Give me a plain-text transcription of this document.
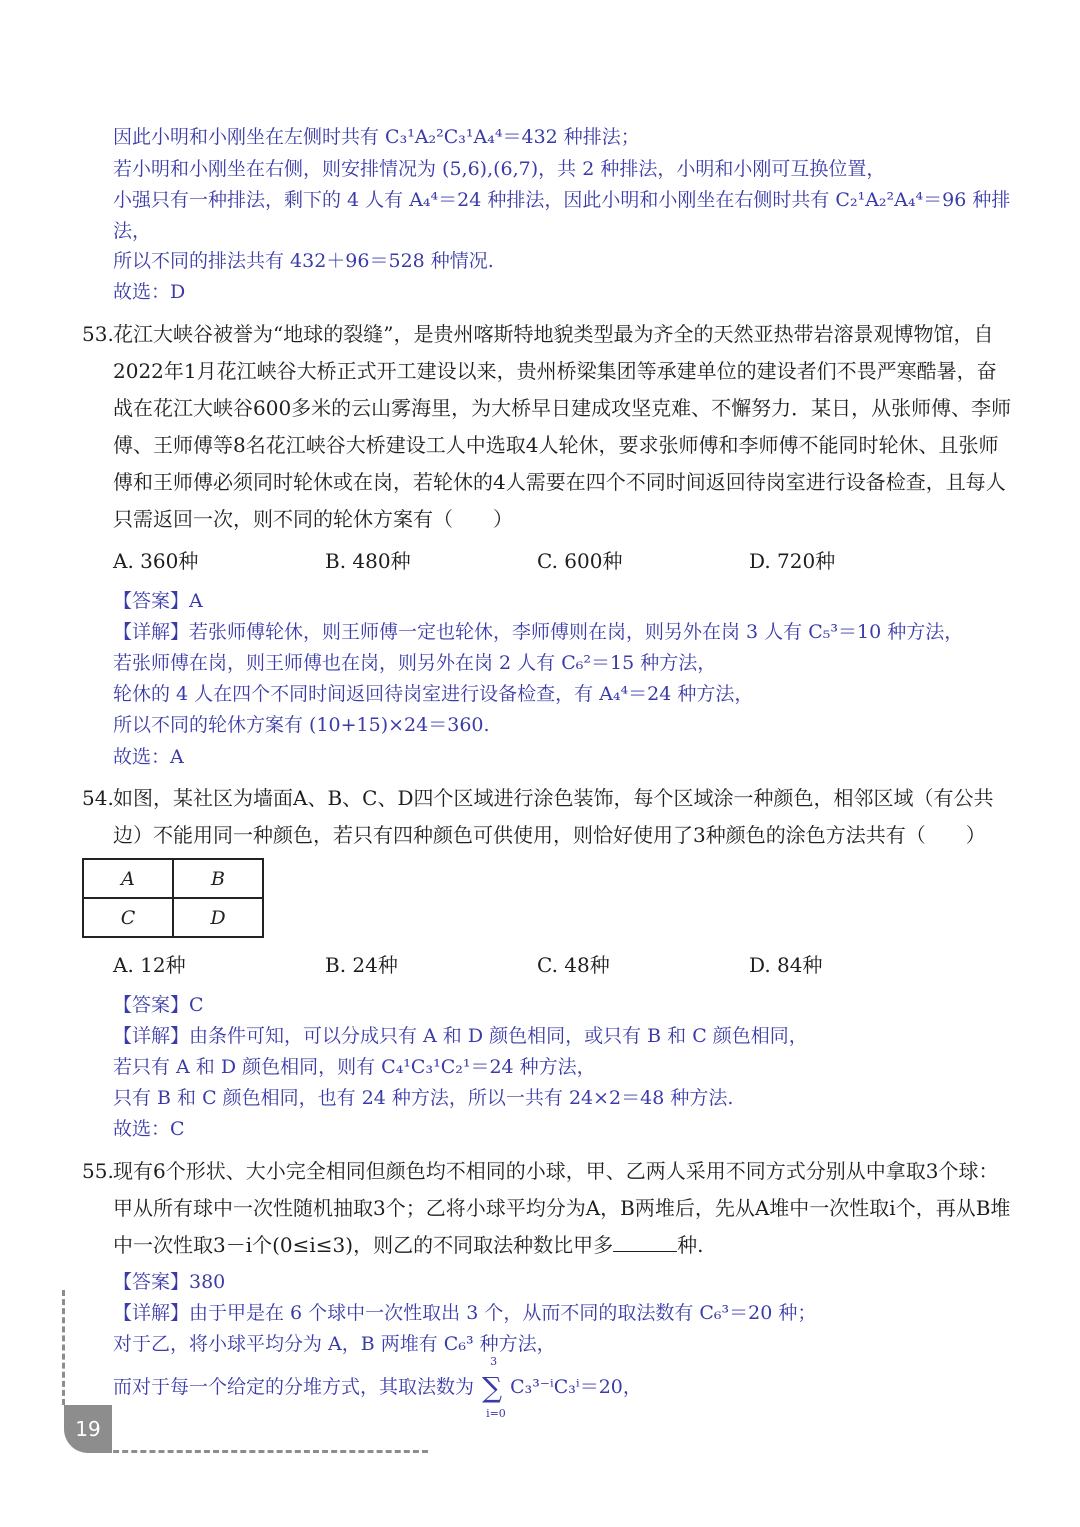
因此小明和小刚坐在左侧时共有 C₃¹A₂²C₃¹A₄⁴＝432 种排法；
若小明和小刚坐在右侧，则安排情况为 (5,6),(6,7)，共 2 种排法，小明和小刚可互换位置，
小强只有一种排法，剩下的 4 人有 A₄⁴＝24 种排法，因此小明和小刚坐在右侧时共有 C₂¹A₂²A₄⁴＝96 种排
法，
所以不同的排法共有 432＋96＝528 种情况.
故选：D
53. 花江大峡谷被誉为“地球的裂缝”，是贵州喀斯特地貌类型最为齐全的天然亚热带岩溶景观博物馆，自2022年1月花江峡谷大桥正式开工建设以来，贵州桥梁集团等承建单位的建设者们不畏严寒酷暑，奋战在花江大峡谷600多米的云山雾海里，为大桥早日建成攻坚克难、不懈努力．某日，从张师傅、李师傅、王师傅等8名花江峡谷大桥建设工人中选取4人轮休，要求张师傅和李师傅不能同时轮休、且张师傅和王师傅必须同时轮休或在岗，若轮休的4人需要在四个不同时间返回待岗室进行设备检查，且每人只需返回一次，则不同的轮休方案有（　　）
A. 360种	B. 480种	C. 600种	D. 720种
【答案】A
【详解】若张师傅轮休，则王师傅一定也轮休，李师傅则在岗，则另外在岗 3 人有 C₅³＝10 种方法，
若张师傅在岗，则王师傅也在岗，则另外在岗 2 人有 C₆²＝15 种方法，
轮休的 4 人在四个不同时间返回待岗室进行设备检查，有 A₄⁴＝24 种方法，
所以不同的轮休方案有 (10+15)×24＝360.
故选：A
54. 如图，某社区为墙面A、B、C、D四个区域进行涂色装饰，每个区域涂一种颜色，相邻区域（有公共边）不能用同一种颜色，若只有四种颜色可供使用，则恰好使用了3种颜色的涂色方法共有（　　）
A	B
C	D
A. 12种	B. 24种	C. 48种	D. 84种
【答案】C
【详解】由条件可知，可以分成只有 A 和 D 颜色相同，或只有 B 和 C 颜色相同，
若只有 A 和 D 颜色相同，则有 C₄¹C₃¹C₂¹＝24 种方法，
只有 B 和 C 颜色相同，也有 24 种方法，所以一共有 24×2＝48 种方法.
故选：C
55. 现有6个形状、大小完全相同但颜色均不相同的小球，甲、乙两人采用不同方式分别从中拿取3个球：甲从所有球中一次性随机抽取3个；乙将小球平均分为A，B两堆后，先从A堆中一次性取i个，再从B堆中一次性取3－i个(0≤i≤3)，则乙的不同取法种数比甲多	种.
【答案】380
【详解】由于甲是在 6 个球中一次性取出 3 个，从而不同的取法数有 C₆³＝20 种；
对于乙，将小球平均分为 A，B 两堆有 C₆³ 种方法，
而对于每一个给定的分堆方式，其取法数为 ∑
3
i=0
C₃³⁻ⁱC₃ⁱ＝20，
19
